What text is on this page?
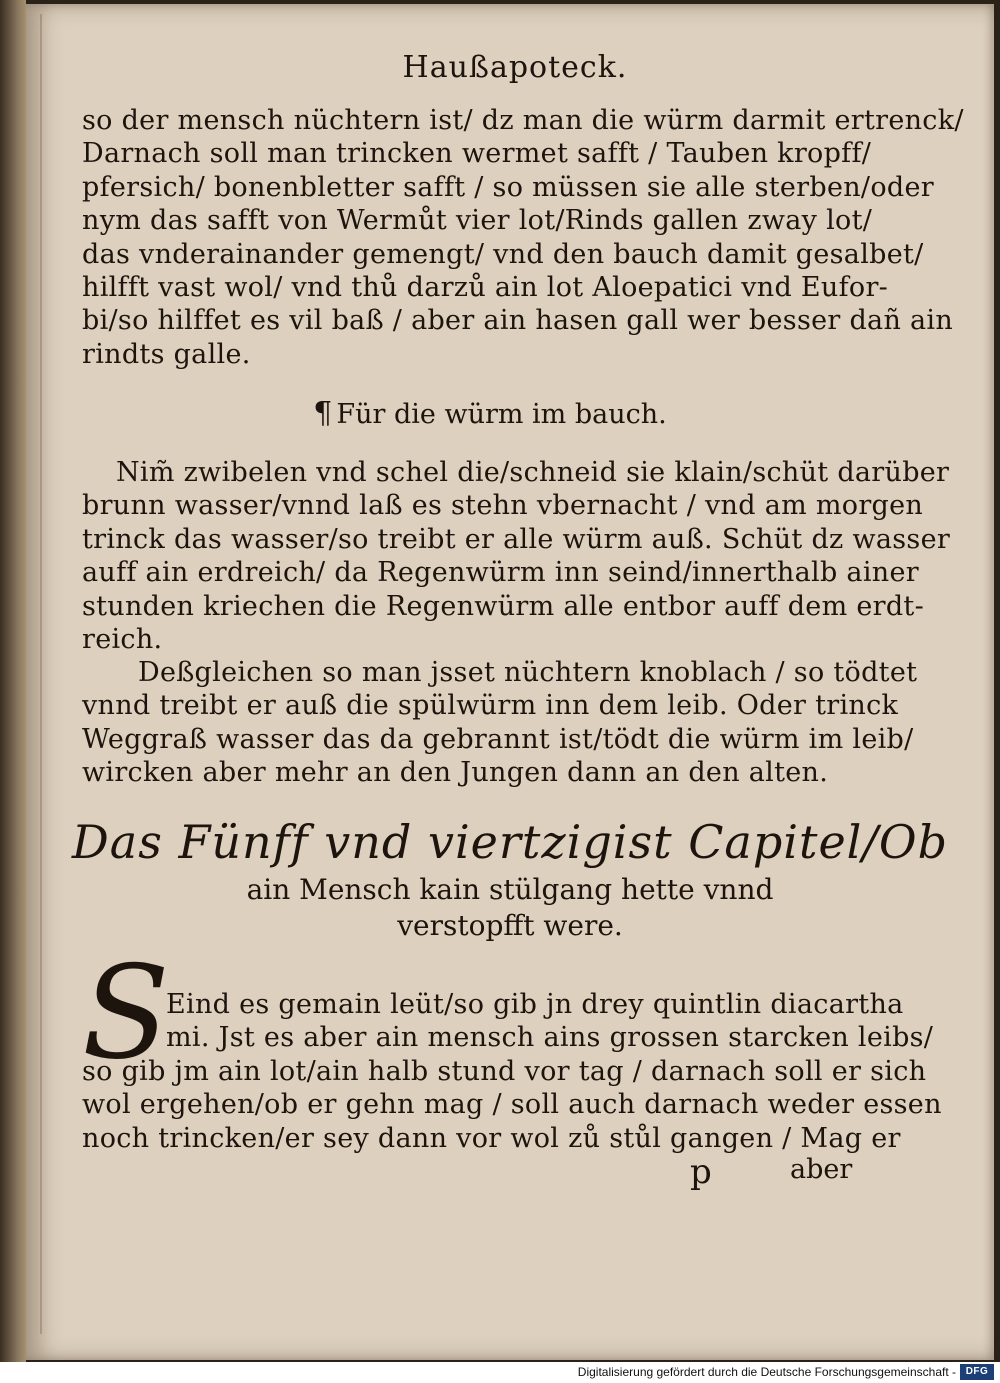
Haußapoteck.
so der mensch nüchtern ist/ dz man die würm darmit ertrenck/
Darnach soll man trincken wermet safft / Tauben kropff/
pfersich/ bonenbletter safft / so müssen sie alle sterben/oder
nym das safft von Wermůt vier lot/Rinds gallen zway lot/
das vnderainander gemengt/ vnd den bauch damit gesalbet/
hilfft vast wol/ vnd thů darzů ain lot Aloepatici vnd Eufor-
bi/so hilffet es vil baß / aber ain hasen gall wer besser dañ ain
rindts galle.
¶ Für die würm im bauch.
Nim̃ zwibelen vnd schel die/schneid sie klain/schüt darüber
brunn wasser/vnnd laß es stehn vbernacht / vnd am morgen
trinck das wasser/so treibt er alle würm auß. Schüt dz wasser
auff ain erdreich/ da Regenwürm inn seind/innerthalb ainer
stunden kriechen die Regenwürm alle entbor auff dem erdt-
reich.
Deßgleichen so man jsset nüchtern knoblach / so tödtet
vnnd treibt er auß die spülwürm inn dem leib. Oder trinck
Weggraß wasser das da gebrannt ist/tödt die würm im leib/
wircken aber mehr an den Jungen dann an den alten.
Das Fünff vnd viertzigist Capitel/Ob
ain Mensch kain stülgang hette vnnd
verstopfft were.
S
Eind es gemain leüt/so gib jn drey quintlin diacartha
mi. Jst es aber ain mensch ains grossen starcken leibs/
so gib jm ain lot/ain halb stund vor tag / darnach soll er sich
wol ergehen/ob er gehn mag / soll auch darnach weder essen
noch trincken/er sey dann vor wol zů stůl gangen / Mag er
p	aber
Digitalisierung gefördert durch die Deutsche Forschungsgemeinschaft - DFG
